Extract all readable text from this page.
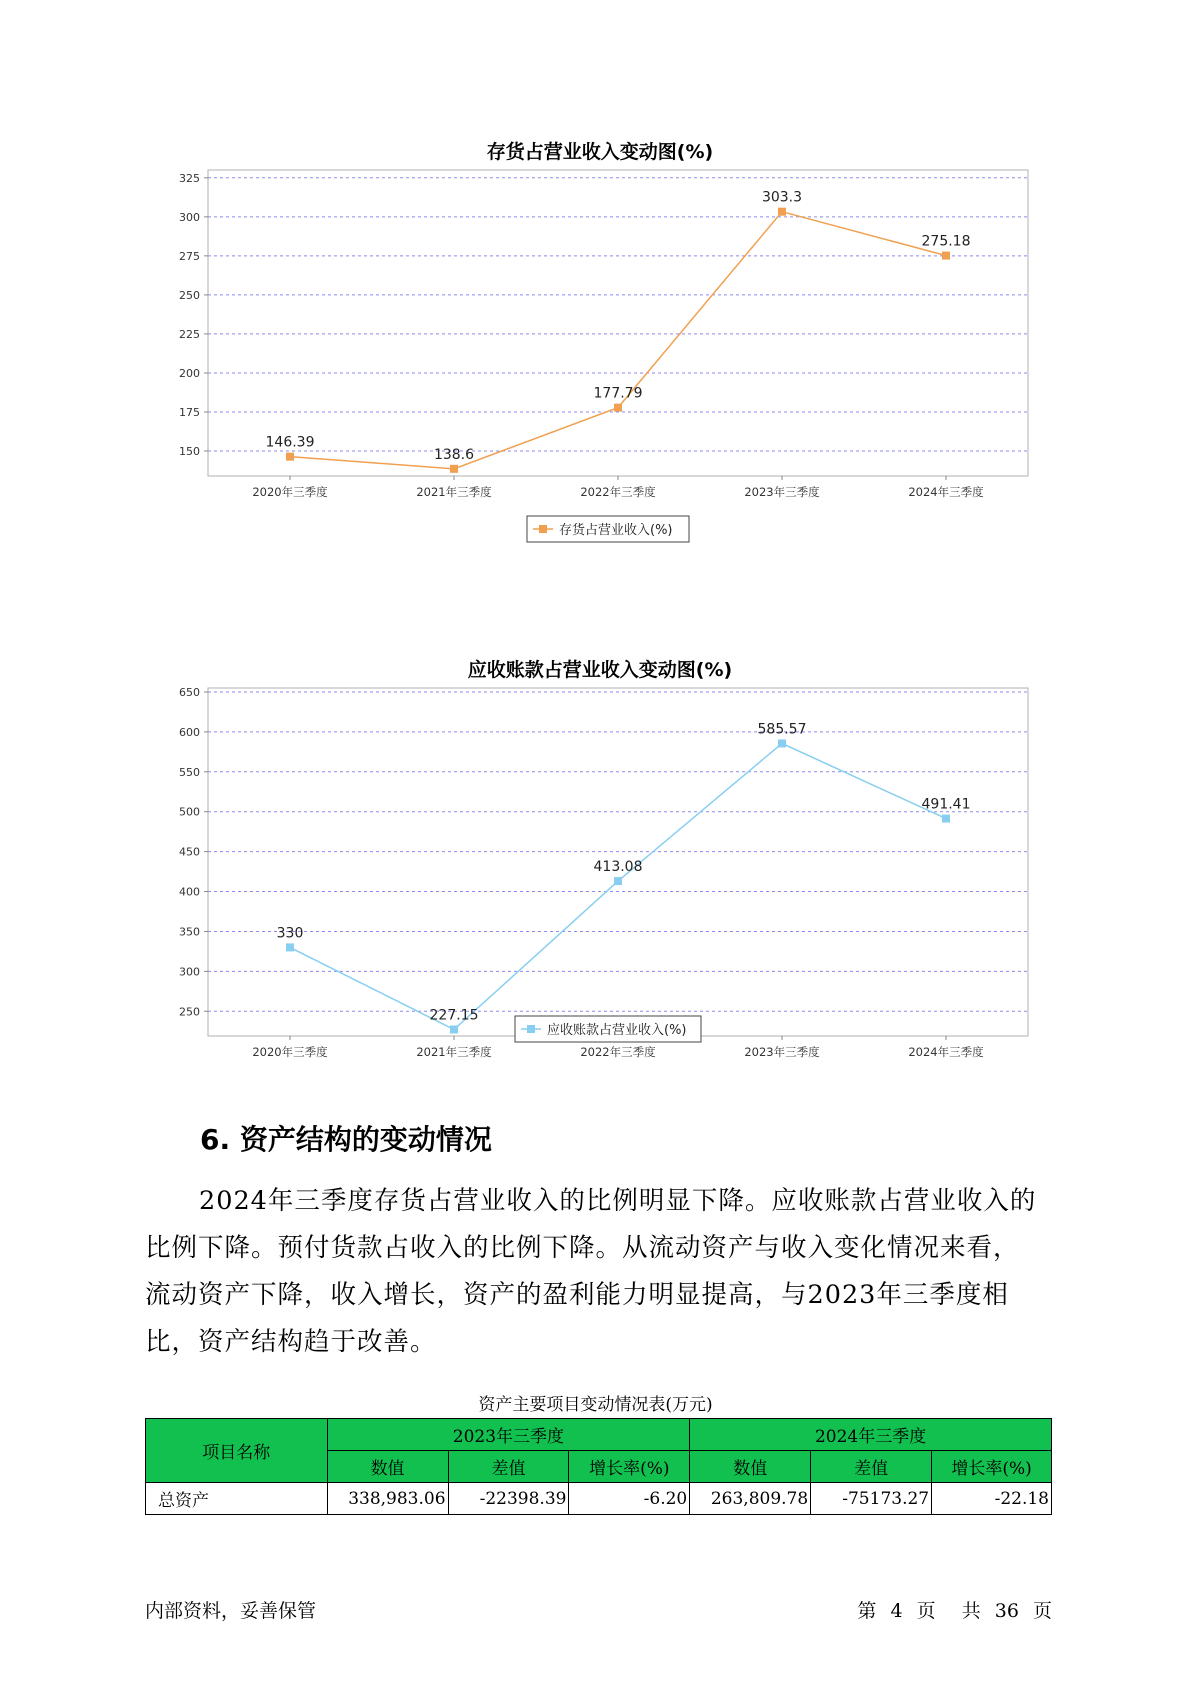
存货占营业收入变动图(%)
150
175
200
225
250
275
300
325
2020年三季度	2021年三季度	2022年三季度	2023年三季度	2024年三季度
146.39
138.6
177.79
303.3
275.18
存货占营业收入(%)
应收账款占营业收入变动图(%)
250
300
350
400
450
500
550
600
650
2020年三季度	2021年三季度	2022年三季度	2023年三季度	2024年三季度
330
227.15
413.08
585.57
491.41
应收账款占营业收入(%)
6. 资产结构的变动情况

2024年三季度存货占营业收入的比例明显下降。应收账款占营业收入的比例下降。预付货款占收入的比例下降。从流动资产与收入变化情况来看，流动资产下降，收入增长，资产的盈利能力明显提高，与2023年三季度相比，资产结构趋于改善。

资产主要项目变动情况表(万元)
项目名称	2023年三季度			2024年三季度		
	数值	差值	增长率(%)	数值	差值	增长率(%)
总资产	338,983.06	-22398.39	-6.20	263,809.78	-75173.27	-22.18
内部资料，妥善保管	第 4 页 共 36 页
